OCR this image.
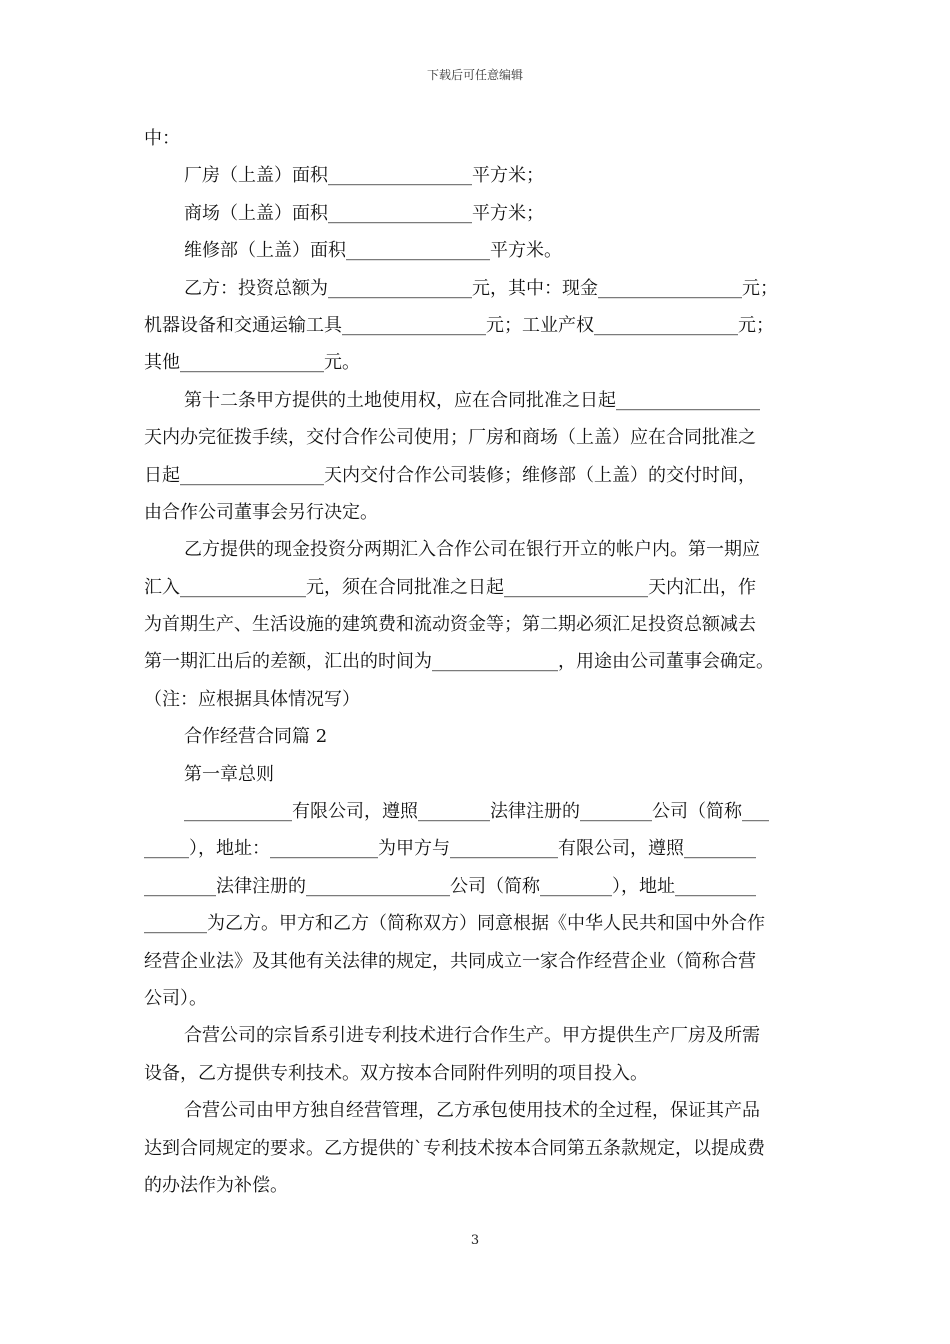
下载后可任意编辑
中：
厂房（上盖）面积________________平方米；
商场（上盖）面积________________平方米；
维修部（上盖）面积________________平方米。
乙方：投资总额为________________元，其中：现金________________元；
机器设备和交通运输工具________________元；工业产权________________元；
其他________________元。
第十二条甲方提供的土地使用权，应在合同批准之日起________________
天内办完征拨手续，交付合作公司使用；厂房和商场（上盖）应在合同批准之
日起________________天内交付合作公司装修；维修部（上盖）的交付时间，
由合作公司董事会另行决定。
乙方提供的现金投资分两期汇入合作公司在银行开立的帐户内。第一期应
汇入______________元，须在合同批准之日起________________天内汇出，作
为首期生产、生活设施的建筑费和流动资金等；第二期必须汇足投资总额减去
第一期汇出后的差额，汇出的时间为______________，用途由公司董事会确定。
（注：应根据具体情况写）
合作经营合同篇 2
第一章总则
____________有限公司，遵照________法律注册的________公司（简称___
_____），地址：____________为甲方与____________有限公司，遵照________
________法律注册的________________公司（简称________），地址_________
_______为乙方。甲方和乙方（简称双方）同意根据《中华人民共和国中外合作
经营企业法》及其他有关法律的规定，共同成立一家合作经营企业（简称合营
公司）。
合营公司的宗旨系引进专利技术进行合作生产。甲方提供生产厂房及所需
设备，乙方提供专利技术。双方按本合同附件列明的项目投入。
合营公司由甲方独自经营管理，乙方承包使用技术的全过程，保证其产品
达到合同规定的要求。乙方提供的`专利技术按本合同第五条款规定，以提成费
的办法作为补偿。
3
